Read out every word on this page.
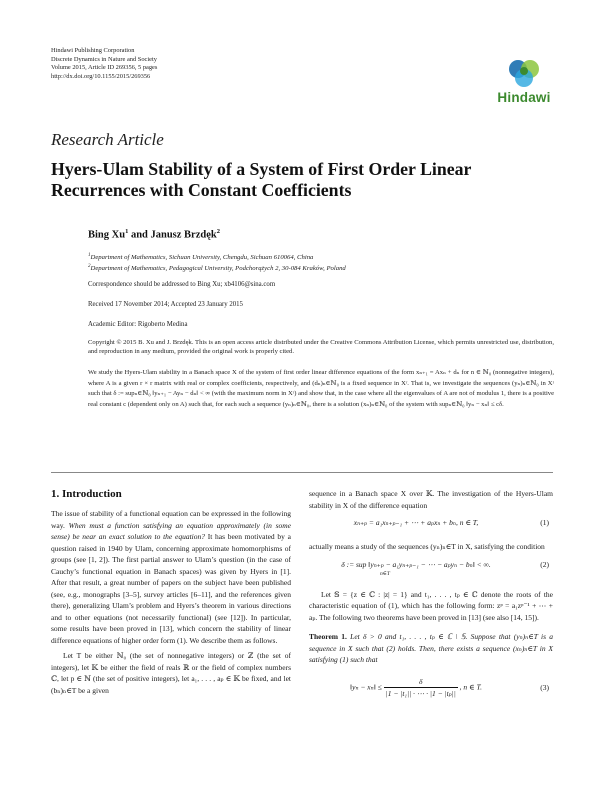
Hindawi Publishing Corporation
Discrete Dynamics in Nature and Society
Volume 2015, Article ID 269356, 5 pages
http://dx.doi.org/10.1155/2015/269356
Hindawi
Research Article
Hyers-Ulam Stability of a System of First Order Linear Recurrences with Constant Coefficients
Bing Xu$^1$ and Janusz Brzdęk$^2$
$^1$Department of Mathematics, Sichuan University, Chengdu, Sichuan 610064, China
$^2$Department of Mathematics, Pedagogical University, Podchorążych 2, 30-084 Kraków, Poland
Correspondence should be addressed to Bing Xu; xb4106@sina.com
Received 17 November 2014; Accepted 23 January 2015
Academic Editor: Rigoberto Medina
Copyright © 2015 B. Xu and J. Brzdęk. This is an open access article distributed under the Creative Commons Attribution License, which permits unrestricted use, distribution, and reproduction in any medium, provided the original work is properly cited.
We study the Hyers-Ulam stability in a Banach space X of the system of first order linear difference equations of the form xₙ₊₁ = Axₙ + dₙ for n ∈ ℕ₀ (nonnegative integers), where A is a given r × r matrix with real or complex coefficients, respectively, and (dₙ)ₙ∈ℕ₀ is a fixed sequence in Xʳ. That is, we investigate the sequences (yₙ)ₙ∈ℕ₀ in Xʳ such that δ := supₙ∈ℕ₀ ‖yₙ₊₁ − Ayₙ − dₙ‖ < ∞ (with the maximum norm in Xʳ) and show that, in the case where all the eigenvalues of A are not of modulus 1, there is a positive real constant c (dependent only on A) such that, for each such a sequence (yₙ)ₙ∈ℕ₀, there is a solution (xₙ)ₙ∈ℕ₀ of the system with supₙ∈ℕ₀ ‖yₙ − xₙ‖ ≤ cδ.
1. Introduction

The issue of stability of a functional equation can be expressed in the following way. When must a function satisfying an equation approximately (in some sense) be near an exact solution to the equation? It has been motivated by a question raised in 1940 by Ulam, concerning approximate homomorphisms of groups (see [1, 2]). The first partial answer to Ulam’s question (in the case of Cauchy’s functional equation in Banach spaces) was given by Hyers in [1]. After that result, a great number of papers on the subject have been published (see, e.g., monographs [3–5], survey articles [6–11], and the references given there), generalizing Ulam’s problem and Hyers’s theorem in various directions and to other equations (not necessarily functional) (see [12]). In particular, some results have been proved in [13], which concern the stability of linear difference equations of higher order form (1). We describe them as follows.

Let T be either ℕ₀ (the set of nonnegative integers) or ℤ (the set of integers), let 𝕂 be either the field of reals ℝ or the field of complex numbers ℂ, let p ∈ ℕ (the set of positive integers), let a₁, . . . , aₚ ∈ 𝕂 be fixed, and let (bₙ)ₙ∈T be a given

sequence in a Banach space X over 𝕂. The investigation of the Hyers-Ulam stability in X of the difference equation

xₙ₊ₚ = a₁xₙ₊ₚ₋₁ + ⋯ + aₚxₙ + bₙ, n ∈ T,	(1)

actually means a study of the sequences (yₙ)ₙ∈T in X, satisfying the condition

δ := sup ‖yₙ₊ₚ − a₁yₙ₊ₚ₋₁ − ⋯ − aₚyₙ − bₙ‖ < ∞.
n∈T
(2)

Let 𝕊 = {z ∈ ℂ : |z| = 1} and t₁, . . . , tₚ ∈ ℂ denote the roots of the characteristic equation of (1), which has the following form: zᵖ = a₁zᵖ⁻¹ + ⋯ + aₚ. The following two theorems have been proved in [13] (see also [14, 15]).

Theorem 1. Let δ > 0 and t₁, . . . , tₚ ∈ ℂ \ 𝕊. Suppose that (yₙ)ₙ∈T is a sequence in X such that (2) holds. Then, there exists a sequence (xₙ)ₙ∈T in X satisfying (1) such that

‖yₙ − xₙ‖ ≤ $\frac{\delta}{\text{|1 − |t₁|| · ⋯ · |1 − |tₚ||}}$ , n ∈ T.	(3)
